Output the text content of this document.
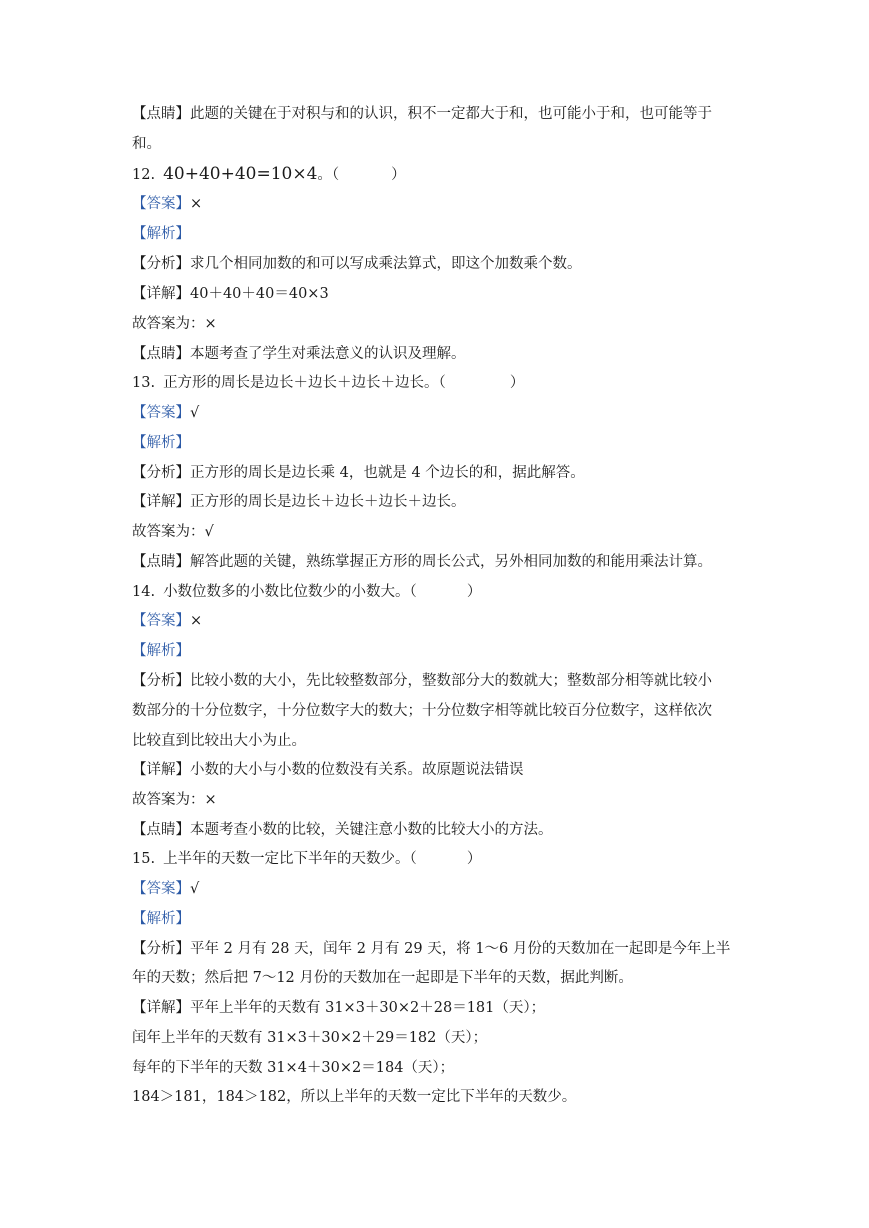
【点睛】此题的关键在于对积与和的认识，积不一定都大于和，也可能小于和，也可能等于
和。
12. 40+40+40=10×4。（	）
【答案】×
【解析】
【分析】求几个相同加数的和可以写成乘法算式，即这个加数乘个数。
【详解】40＋40＋40＝40×3
故答案为：×
【点睛】本题考查了学生对乘法意义的认识及理解。
13. 正方形的周长是边长＋边长＋边长＋边长。（	）
【答案】√
【解析】
【分析】正方形的周长是边长乘 4，也就是 4 个边长的和，据此解答。
【详解】正方形的周长是边长＋边长＋边长＋边长。
故答案为：√
【点睛】解答此题的关键，熟练掌握正方形的周长公式，另外相同加数的和能用乘法计算。
14. 小数位数多的小数比位数少的小数大。（	）
【答案】×
【解析】
【分析】比较小数的大小，先比较整数部分，整数部分大的数就大；整数部分相等就比较小
数部分的十分位数字，十分位数字大的数大；十分位数字相等就比较百分位数字，这样依次
比较直到比较出大小为止。
【详解】小数的大小与小数的位数没有关系。故原题说法错误
故答案为：×
【点睛】本题考查小数的比较，关键注意小数的比较大小的方法。
15. 上半年的天数一定比下半年的天数少。（	）
【答案】√
【解析】
【分析】平年 2 月有 28 天，闰年 2 月有 29 天，将 1～6 月份的天数加在一起即是今年上半
年的天数；然后把 7～12 月份的天数加在一起即是下半年的天数，据此判断。
【详解】平年上半年的天数有 31×3＋30×2＋28＝181（天）；
闰年上半年的天数有 31×3＋30×2＋29＝182（天）；
每年的下半年的天数 31×4＋30×2＝184（天）；
184＞181，184＞182，所以上半年的天数一定比下半年的天数少。
